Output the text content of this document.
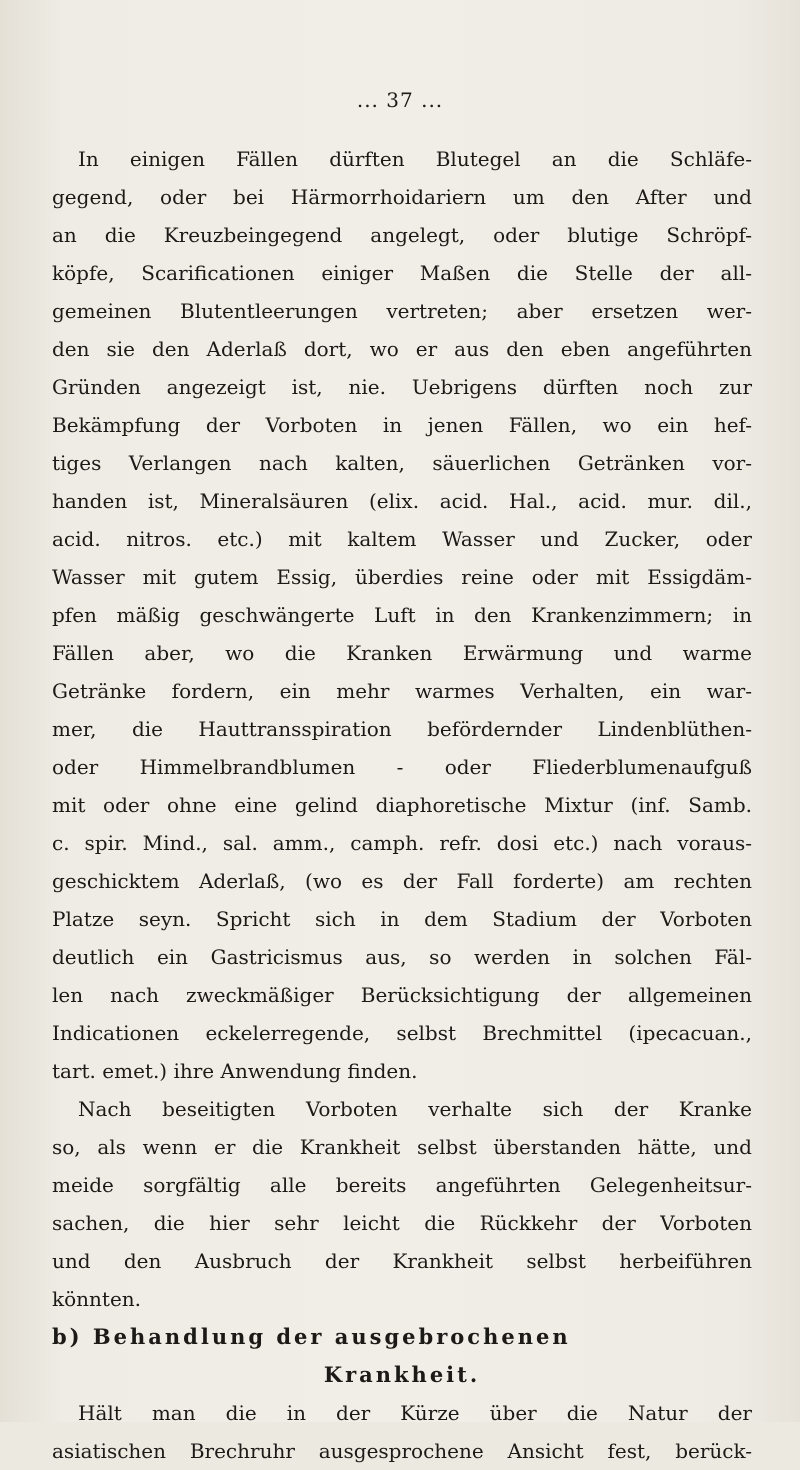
... 37 ...
In einigen Fällen dürften Blutegel an die Schläfe-
gegend, oder bei Härmorrhoidariern um den After und
an die Kreuzbeingegend angelegt, oder blutige Schröpf-
köpfe, Scarificationen einiger Maßen die Stelle der all-
gemeinen Blutentleerungen vertreten; aber ersetzen wer-
den sie den Aderlaß dort, wo er aus den eben angeführten
Gründen angezeigt ist, nie. Uebrigens dürften noch zur
Bekämpfung der Vorboten in jenen Fällen, wo ein hef-
tiges Verlangen nach kalten, säuerlichen Getränken vor-
handen ist, Mineralsäuren (elix. acid. Hal., acid. mur. dil.,
acid. nitros. etc.) mit kaltem Wasser und Zucker, oder
Wasser mit gutem Essig, überdies reine oder mit Essigdäm-
pfen mäßig geschwängerte Luft in den Krankenzimmern; in
Fällen aber, wo die Kranken Erwärmung und warme
Getränke fordern, ein mehr warmes Verhalten, ein war-
mer, die Hauttransspiration befördernder Lindenblüthen-
oder Himmelbrandblumen - oder Fliederblumenaufguß
mit oder ohne eine gelind diaphoretische Mixtur (inf. Samb.
c. spir. Mind., sal. amm., camph. refr. dosi etc.) nach voraus-
geschicktem Aderlaß, (wo es der Fall forderte) am rechten
Platze seyn. Spricht sich in dem Stadium der Vorboten
deutlich ein Gastricismus aus, so werden in solchen Fäl-
len nach zweckmäßiger Berücksichtigung der allgemeinen
Indicationen eckelerregende, selbst Brechmittel (ipecacuan.,
tart. emet.) ihre Anwendung finden.
Nach beseitigten Vorboten verhalte sich der Kranke
so, als wenn er die Krankheit selbst überstanden hätte, und
meide sorgfältig alle bereits angeführten Gelegenheitsur-
sachen, die hier sehr leicht die Rückkehr der Vorboten
und den Ausbruch der Krankheit selbst herbeiführen
könnten.
b) Behandlung der ausgebrochenen
Krankheit.
Hält man die in der Kürze über die Natur der
asiatischen Brechruhr ausgesprochene Ansicht fest, berück-
